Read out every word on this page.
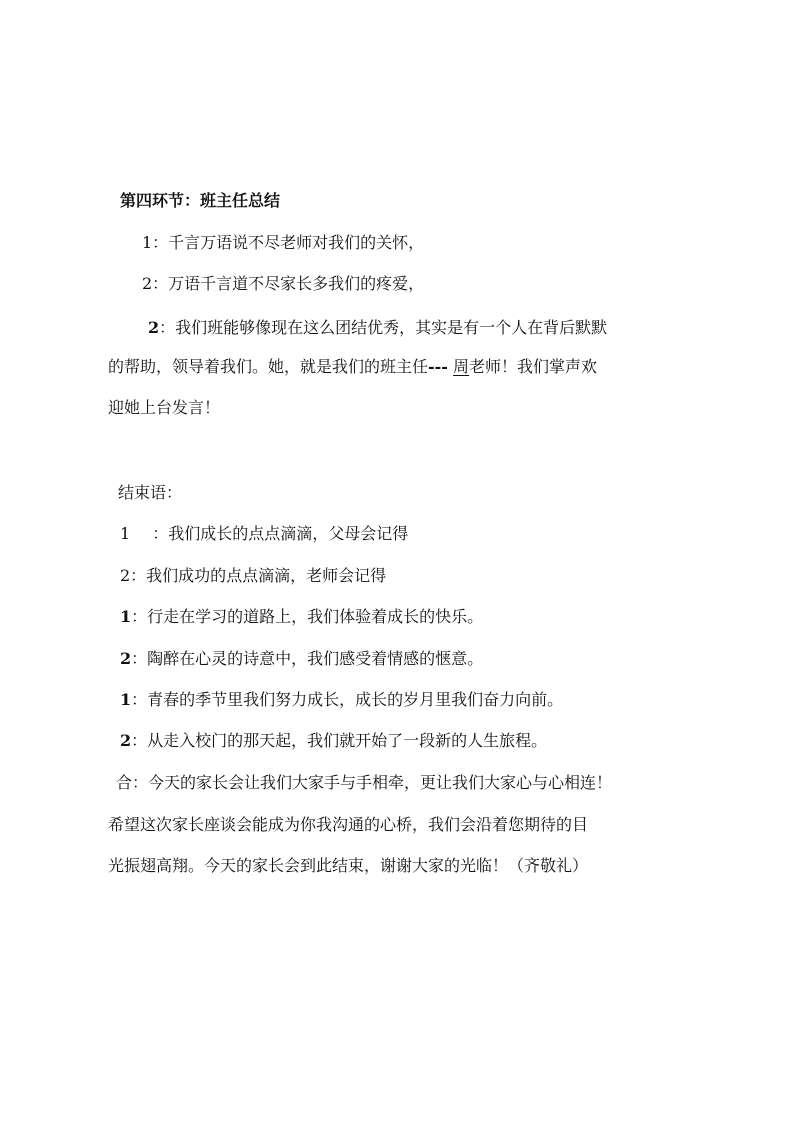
第四环节：班主任总结
1：千言万语说不尽老师对我们的关怀，
2：万语千言道不尽家长多我们的疼爱，
2：我们班能够像现在这么团结优秀，其实是有一个人在背后默默
的帮助，领导着我们。她，就是我们的班主任--- 周老师！我们掌声欢
迎她上台发言！
结束语：
1 ：我们成长的点点滴滴，父母会记得
2：我们成功的点点滴滴，老师会记得
1：行走在学习的道路上，我们体验着成长的快乐。
2：陶醉在心灵的诗意中，我们感受着情感的惬意。
1：青春的季节里我们努力成长，成长的岁月里我们奋力向前。
2：从走入校门的那天起，我们就开始了一段新的人生旅程。
合：今天的家长会让我们大家手与手相牵，更让我们大家心与心相连！
希望这次家长座谈会能成为你我沟通的心桥，我们会沿着您期待的目
光振翅高翔。今天的家长会到此结束，谢谢大家的光临！（齐敬礼）
